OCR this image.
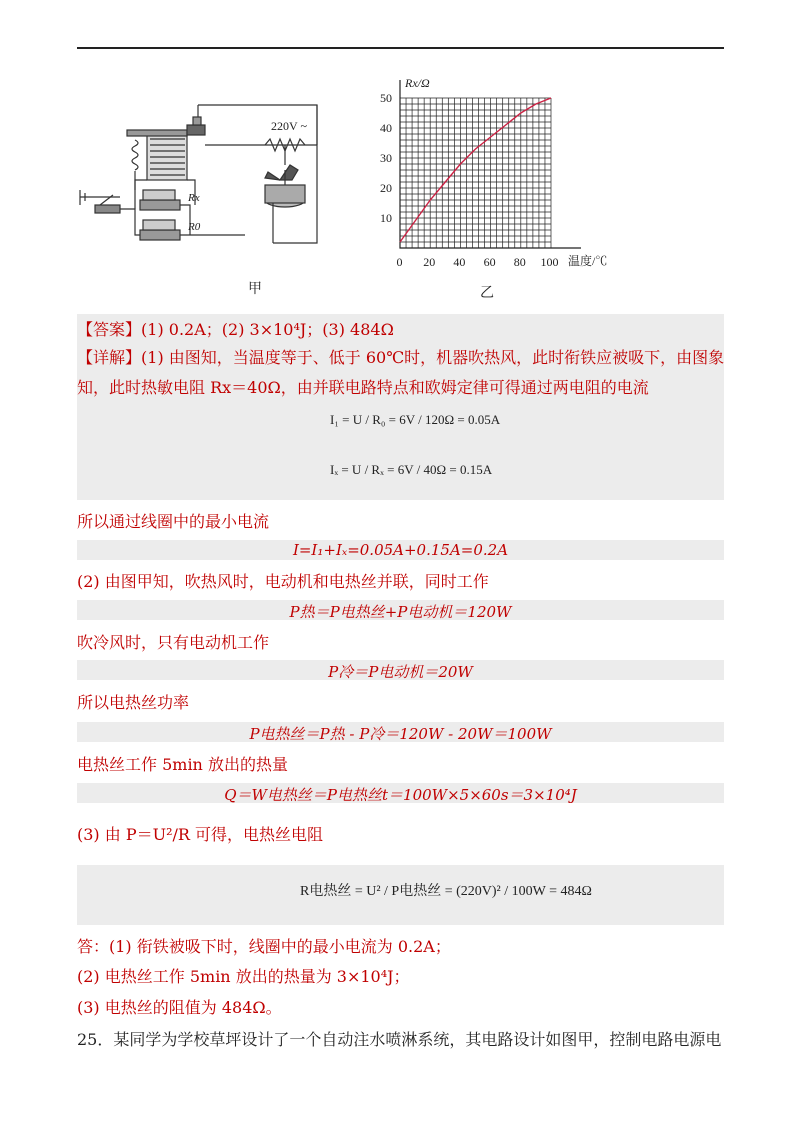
220V ~
Rx
R0
甲
10
20
30
40
50
0 20 40 60 80 100
Rx/Ω
温度/℃
乙
【答案】(1) 0.2A；(2) 3×10⁴J；(3) 484Ω
【详解】(1) 由图知，当温度等于、低于 60℃时，机器吹热风，此时衔铁应被吸下，由图象
知，此时热敏电阻 Rx＝40Ω，由并联电路特点和欧姆定律可得通过两电阻的电流
I₁ = U / R₀ = 6V / 120Ω = 0.05A
Iₓ = U / Rₓ = 6V / 40Ω = 0.15A
所以通过线圈中的最小电流
I=I₁+Iₓ=0.05A+0.15A=0.2A
(2) 由图甲知，吹热风时，电动机和电热丝并联，同时工作
P热＝P电热丝+P电动机＝120W
吹冷风时，只有电动机工作
P冷＝P电动机＝20W
所以电热丝功率
P电热丝＝P热 - P冷＝120W - 20W＝100W
电热丝工作 5min 放出的热量
Q＝W电热丝＝P电热丝t＝100W×5×60s＝3×10⁴J
(3) 由 P＝U²/R 可得，电热丝电阻
R电热丝 = U² / P电热丝 = (220V)² / 100W = 484Ω
答：(1) 衔铁被吸下时，线圈中的最小电流为 0.2A；
(2) 电热丝工作 5min 放出的热量为 3×10⁴J；
(3) 电热丝的阻值为 484Ω。
25．某同学为学校草坪设计了一个自动注水喷淋系统，其电路设计如图甲，控制电路电源电
